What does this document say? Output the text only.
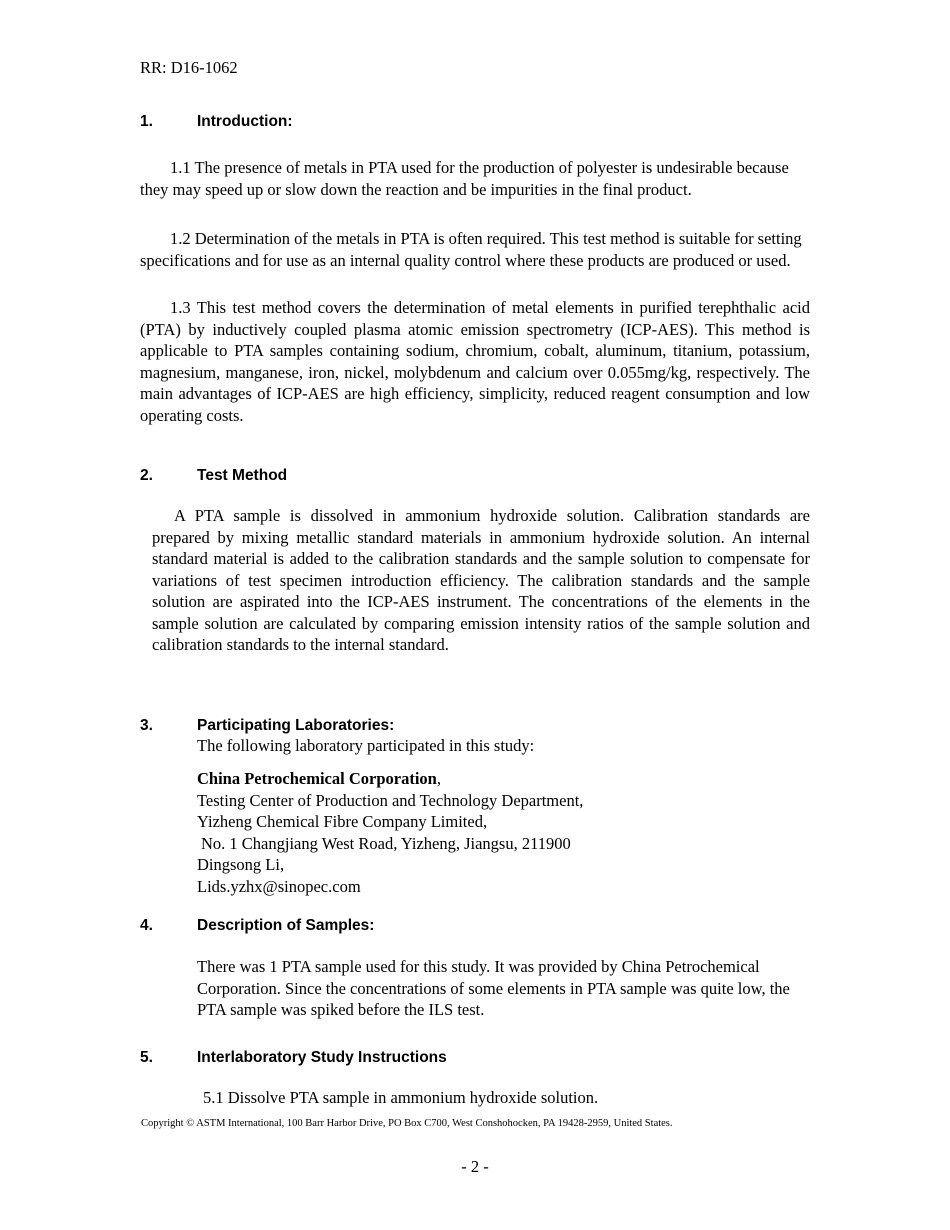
RR: D16-1062
1.	Introduction:
1.1 The presence of metals in PTA used for the production of polyester is undesirable because they may speed up or slow down the reaction and be impurities in the final product.
1.2 Determination of the metals in PTA is often required. This test method is suitable for setting specifications and for use as an internal quality control where these products are produced or used.
1.3 This test method covers the determination of metal elements in purified terephthalic acid (PTA) by inductively coupled plasma atomic emission spectrometry (ICP-AES). This method is applicable to PTA samples containing sodium, chromium, cobalt, aluminum, titanium, potassium, magnesium, manganese, iron, nickel, molybdenum and calcium over 0.055mg/kg, respectively. The main advantages of ICP-AES are high efficiency, simplicity, reduced reagent consumption and low operating costs.
2.	Test Method
A PTA sample is dissolved in ammonium hydroxide solution. Calibration standards are prepared by mixing metallic standard materials in ammonium hydroxide solution. An internal standard material is added to the calibration standards and the sample solution to compensate for variations of test specimen introduction efficiency. The calibration standards and the sample solution are aspirated into the ICP-AES instrument. The concentrations of the elements in the sample solution are calculated by comparing emission intensity ratios of the sample solution and calibration standards to the internal standard.
3.	Participating Laboratories:
The following laboratory participated in this study:
China Petrochemical Corporation,
Testing Center of Production and Technology Department,
Yizheng Chemical Fibre Company Limited,
No. 1 Changjiang West Road, Yizheng, Jiangsu, 211900
Dingsong Li,
Lids.yzhx@sinopec.com
4.	Description of Samples:
There was 1 PTA sample used for this study. It was provided by China Petrochemical Corporation. Since the concentrations of some elements in PTA sample was quite low, the PTA sample was spiked before the ILS test.
5.	Interlaboratory Study Instructions
5.1 Dissolve PTA sample in ammonium hydroxide solution.
Copyright © ASTM International, 100 Barr Harbor Drive, PO Box C700, West Conshohocken, PA 19428-2959, United States.
- 2 -
